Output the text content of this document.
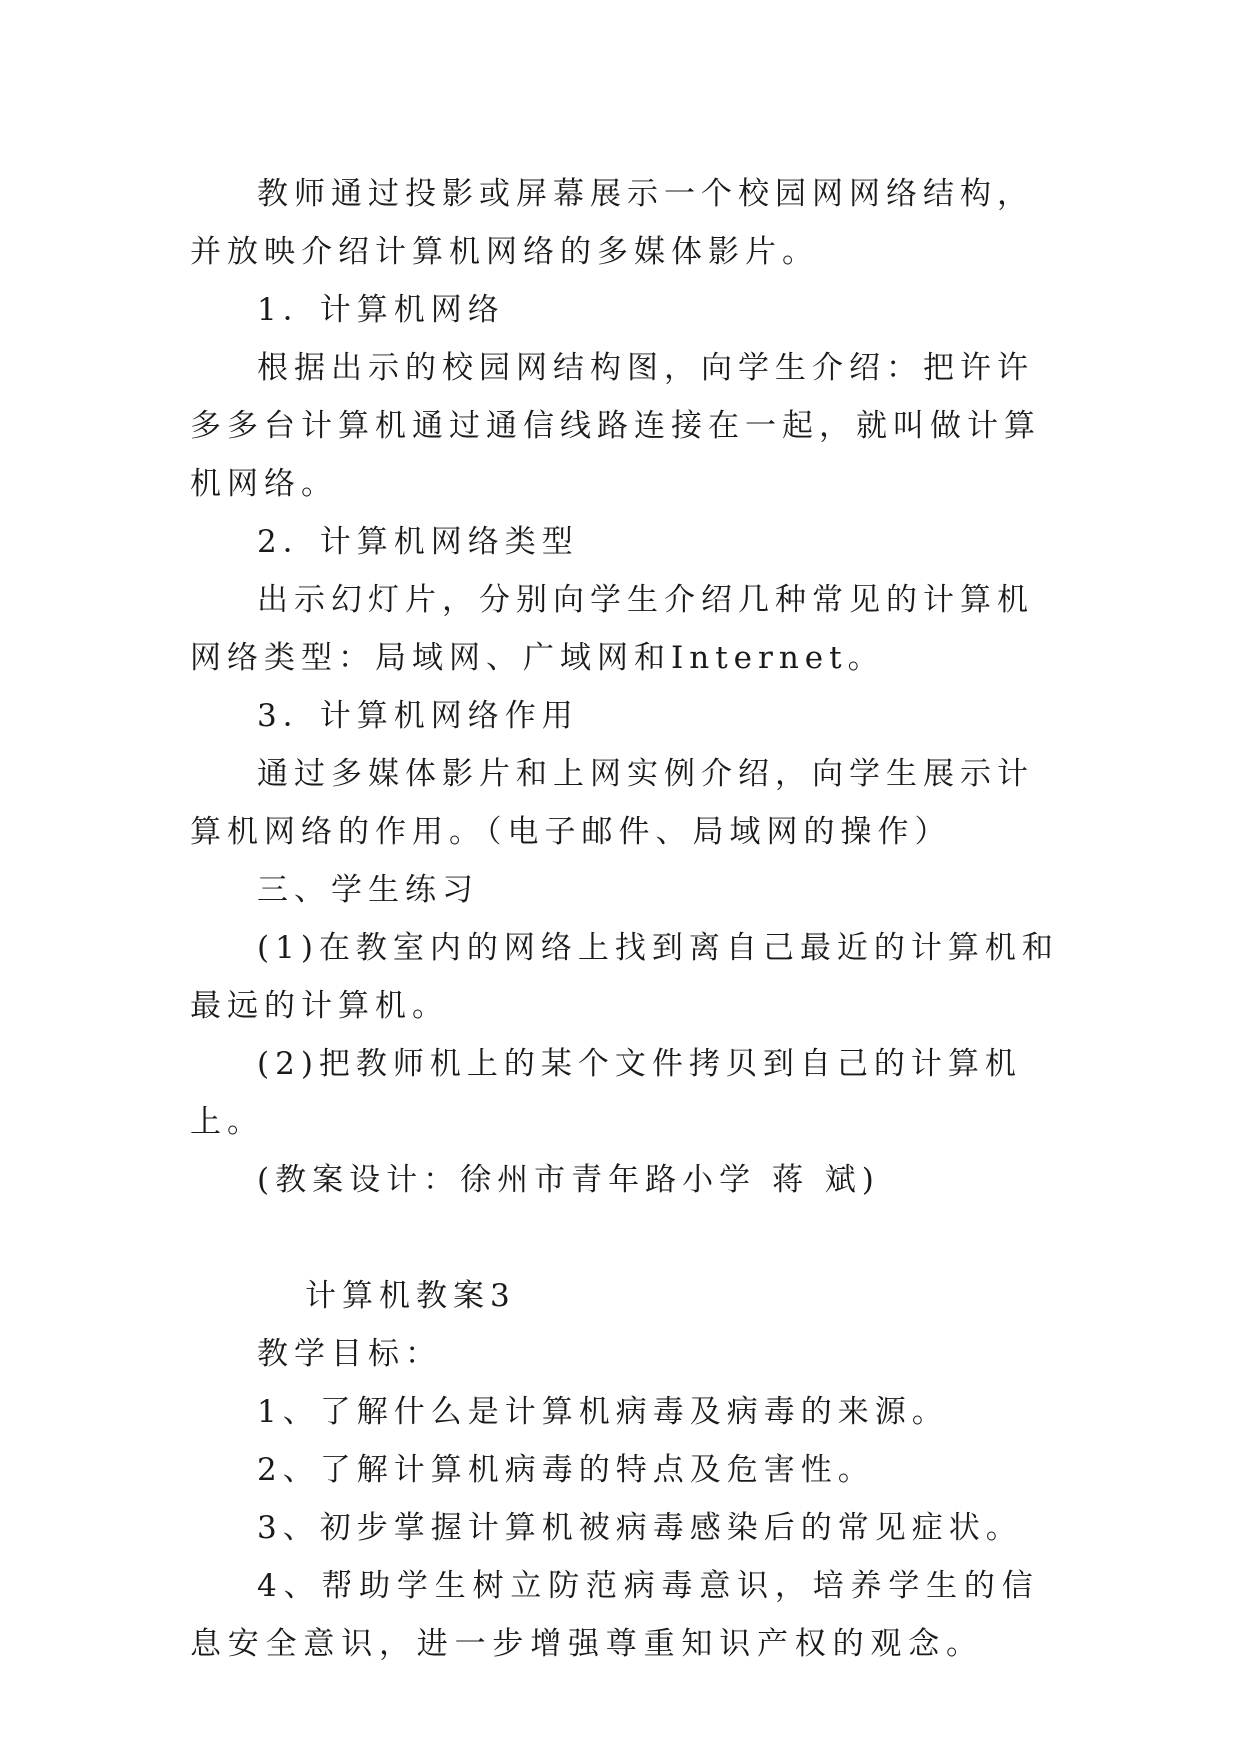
教师通过投影或屏幕展示一个校园网网络结构，并放映介绍计算机网络的多媒体影片。

1．计算机网络

根据出示的校园网结构图，向学生介绍：把许许多多台计算机通过通信线路连接在一起，就叫做计算机网络。

2．计算机网络类型

出示幻灯片，分别向学生介绍几种常见的计算机网络类型：局域网、广域网和Internet。

3．计算机网络作用

通过多媒体影片和上网实例介绍，向学生展示计算机网络的作用。（电子邮件、局域网的操作）

三、学生练习

(1)在教室内的网络上找到离自己最近的计算机和最远的计算机。

(2)把教师机上的某个文件拷贝到自己的计算机上。

(教案设计：徐州市青年路小学 蒋 斌)

计算机教案3

教学目标：

1、了解什么是计算机病毒及病毒的来源。

2、了解计算机病毒的特点及危害性。

3、初步掌握计算机被病毒感染后的常见症状。

4、帮助学生树立防范病毒意识，培养学生的信息安全意识，进一步增强尊重知识产权的观念。
